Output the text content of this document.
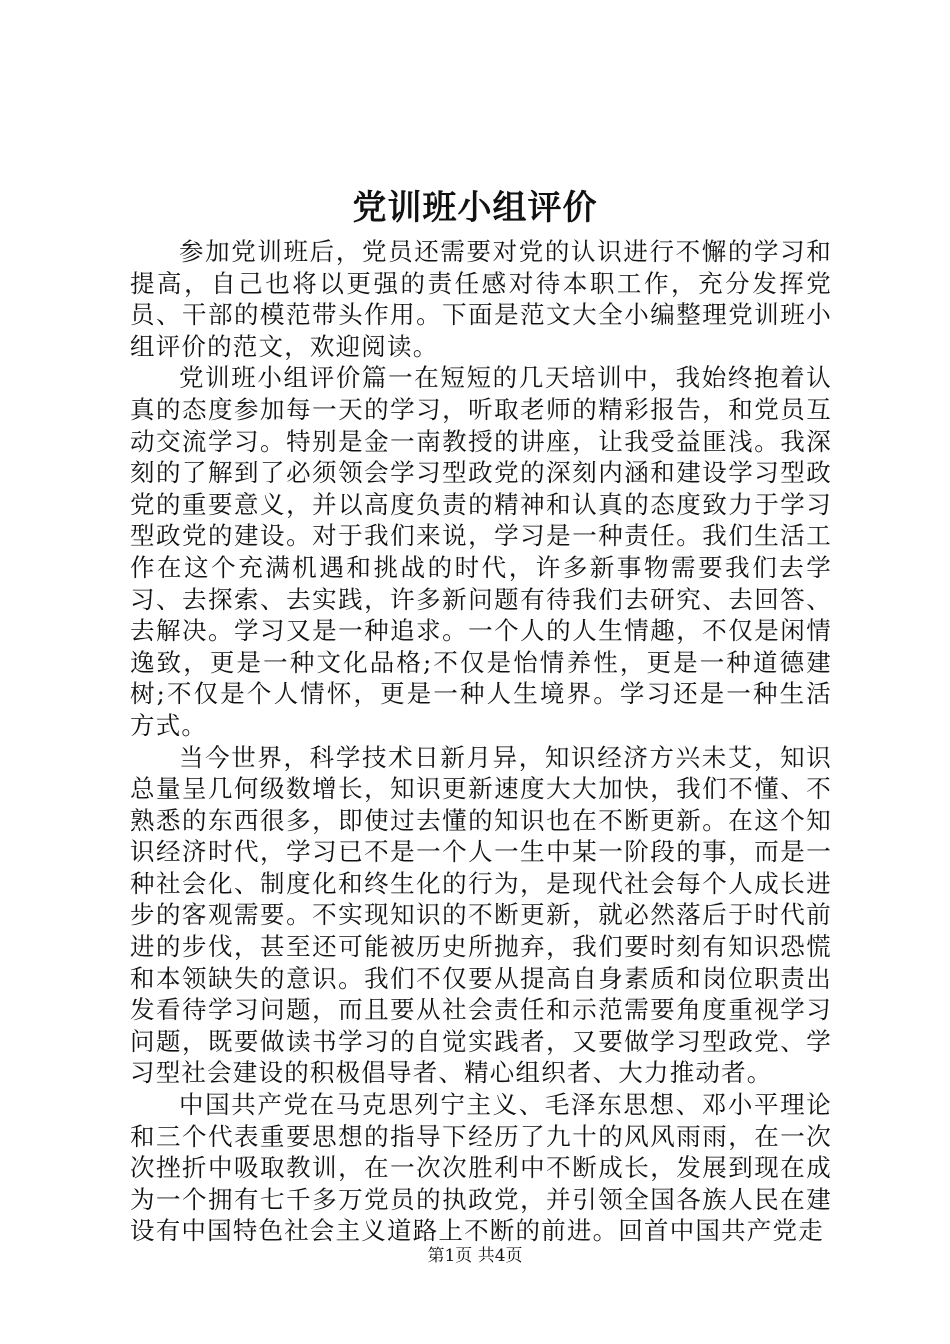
党训班小组评价

参加党训班后，党员还需要对党的认识进行不懈的学习和提高，自己也将以更强的责任感对待本职工作，充分发挥党员、干部的模范带头作用。下面是范文大全小编整理党训班小组评价的范文，欢迎阅读。

党训班小组评价篇一在短短的几天培训中，我始终抱着认真的态度参加每一天的学习，听取老师的精彩报告，和党员互动交流学习。特别是金一南教授的讲座，让我受益匪浅。我深刻的了解到了必须领会学习型政党的深刻内涵和建设学习型政党的重要意义，并以高度负责的精神和认真的态度致力于学习型政党的建设。对于我们来说，学习是一种责任。我们生活工作在这个充满机遇和挑战的时代，许多新事物需要我们去学习、去探索、去实践，许多新问题有待我们去研究、去回答、去解决。学习又是一种追求。一个人的人生情趣，不仅是闲情逸致，更是一种文化品格;不仅是怡情养性，更是一种道德建树;不仅是个人情怀，更是一种人生境界。学习还是一种生活方式。

当今世界，科学技术日新月异，知识经济方兴未艾，知识总量呈几何级数增长，知识更新速度大大加快，我们不懂、不熟悉的东西很多，即使过去懂的知识也在不断更新。在这个知识经济时代，学习已不是一个人一生中某一阶段的事，而是一种社会化、制度化和终生化的行为，是现代社会每个人成长进步的客观需要。不实现知识的不断更新，就必然落后于时代前进的步伐，甚至还可能被历史所抛弃，我们要时刻有知识恐慌和本领缺失的意识。我们不仅要从提高自身素质和岗位职责出发看待学习问题，而且要从社会责任和示范需要角度重视学习问题，既要做读书学习的自觉实践者，又要做学习型政党、学习型社会建设的积极倡导者、精心组织者、大力推动者。

中国共产党在马克思列宁主义、毛泽东思想、邓小平理论和三个代表重要思想的指导下经历了九十的风风雨雨，在一次次挫折中吸取教训，在一次次胜利中不断成长，发展到现在成为一个拥有七千多万党员的执政党，并引领全国各族人民在建设有中国特色社会主义道路上不断的前进。回首中国共产党走

第1页 共4页
